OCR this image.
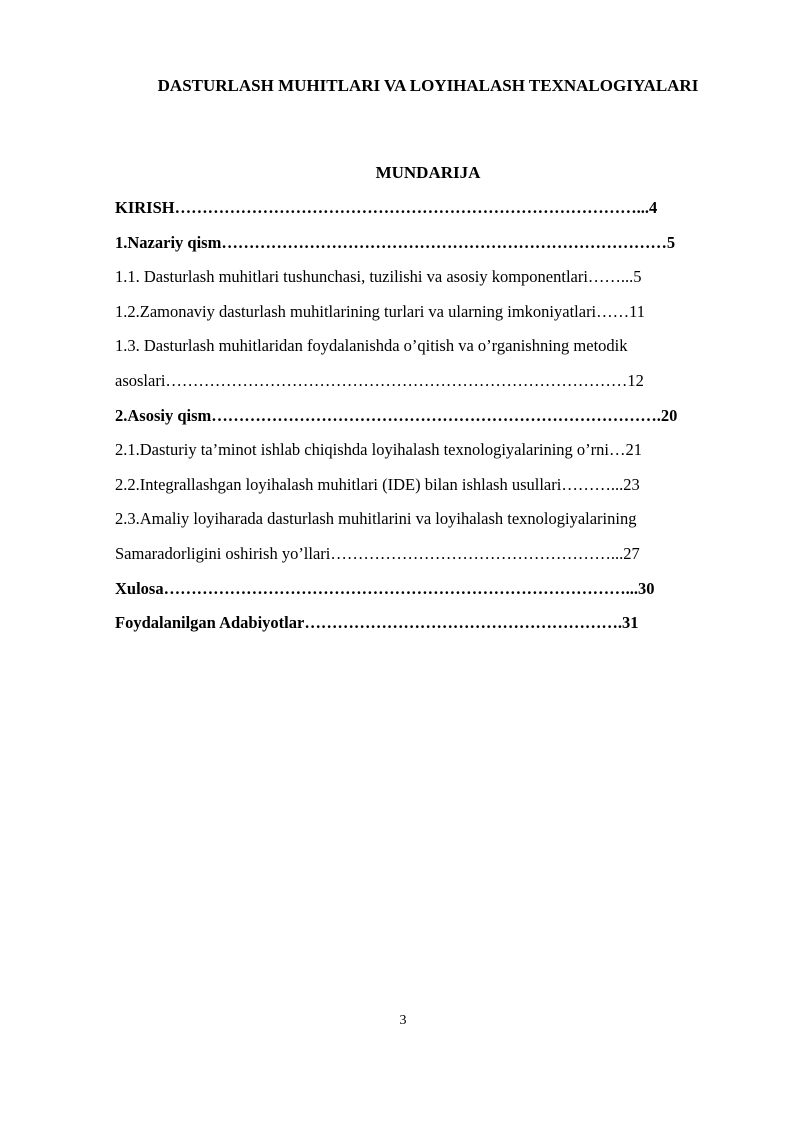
DASTURLASH MUHITLARI VA LOYIHALASH TEXNALOGIYALARI
MUNDARIJA
KIRISH…………………………………………………………………………...4
1.Nazariy qism………………………………………………………………………5
1.1. Dasturlash muhitlari tushunchasi, tuzilishi va asosiy komponentlari……...5
1.2.Zamonaviy dasturlash muhitlarining turlari va ularning imkoniyatlari……11
1.3. Dasturlash muhitlaridan foydalanishda o’qitish va o’rganishning metodik
asoslari…………………………………………………………………………12
2.Asosiy qism……………………………………………………………………….20
2.1.Dasturiy ta’minot ishlab chiqishda loyihalash texnologiyalarining o’rni…21
2.2.Integrallashgan loyihalash muhitlari (IDE) bilan ishlash usullari………...23
2.3.Amaliy loyiharada dasturlash muhitlarini va loyihalash texnologiyalarining
Samaradorligini oshirish yo’llari……………………………………………...27
Xulosa…………………………………………………………………………...30
Foydalanilgan Adabiyotlar………………………………………………….31
3
